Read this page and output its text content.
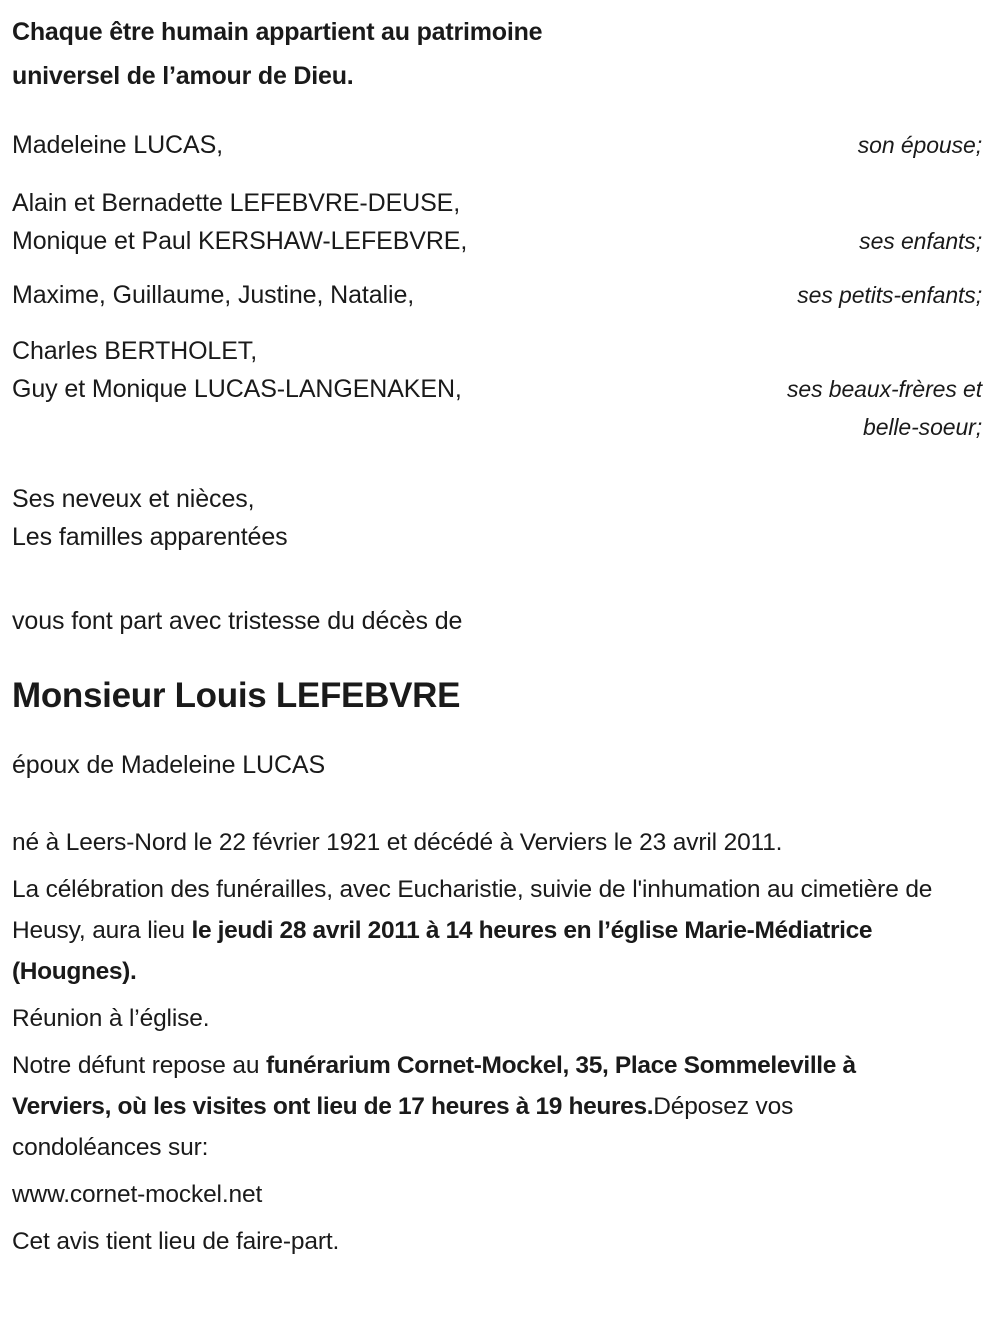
Chaque être humain appartient au patrimoine
universel de l’amour de Dieu.
Madeleine LUCAS,	son épouse;
Alain et Bernadette LEFEBVRE-DEUSE,
Monique et Paul KERSHAW-LEFEBVRE,
	ses enfants;
Maxime, Guillaume, Justine, Natalie,	ses petits-enfants;
Charles BERTHOLET,
Guy et Monique LUCAS-LANGENAKEN,
	ses beaux-frères et
belle-soeur;
Ses neveux et nièces,
Les familles apparentées
vous font part avec tristesse du décès de
Monsieur Louis LEFEBVRE
époux de Madeleine LUCAS

né à Leers-Nord le 22 février 1921 et décédé à Verviers le 23 avril 2011.

La célébration des funérailles, avec Eucharistie, suivie de l'inhumation au cimetière de Heusy, aura lieu le jeudi 28 avril 2011 à 14 heures en l’église Marie-Médiatrice (Hougnes).

Réunion à l’église.

Notre défunt repose au funérarium Cornet-Mockel, 35, Place Sommeleville à Verviers, où les visites ont lieu de 17 heures à 19 heures.Déposez vos condoléances sur:

www.cornet-mockel.net

Cet avis tient lieu de faire-part.
